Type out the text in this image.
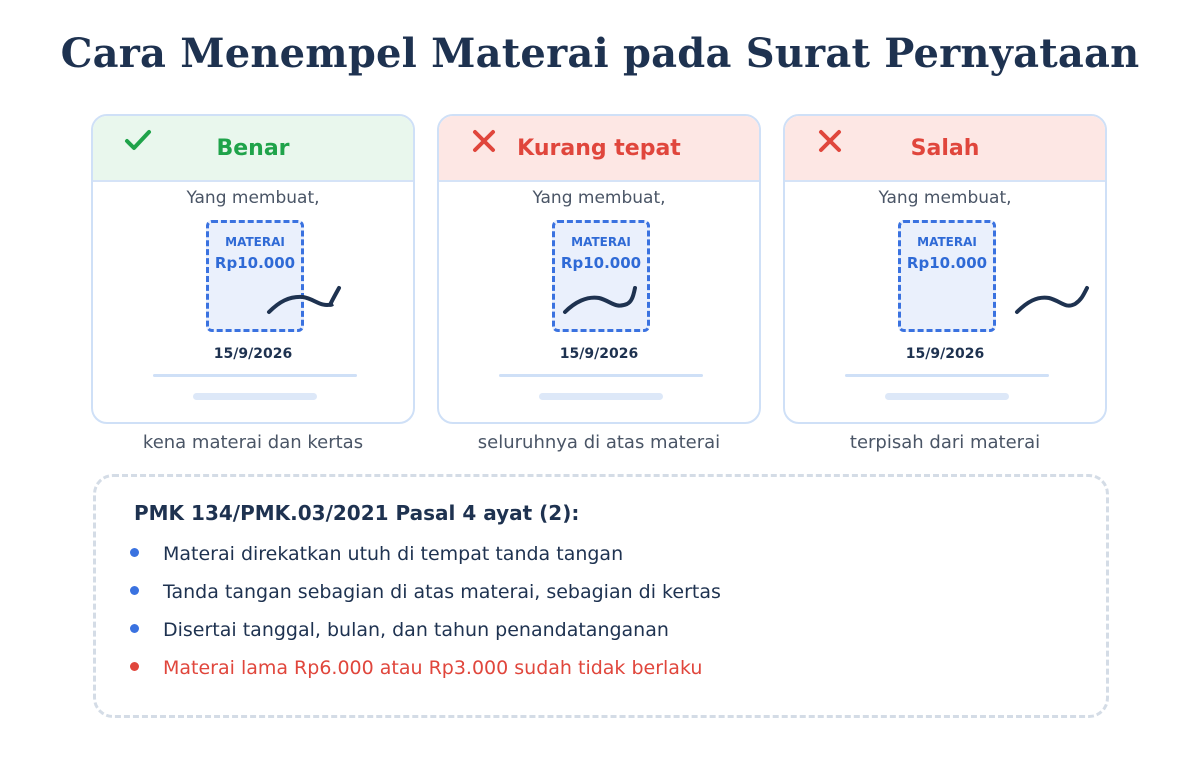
Cara Menempel Materai pada Surat Pernyataan
Benar
Yang membuat,
MATERAI
Rp10.000
15/9/2026
kena materai dan kertas
Kurang tepat
Yang membuat,
MATERAI
Rp10.000
15/9/2026
seluruhnya di atas materai
Salah
Yang membuat,
MATERAI
Rp10.000
15/9/2026
terpisah dari materai
PMK 134/PMK.03/2021 Pasal 4 ayat (2):
Materai direkatkan utuh di tempat tanda tangan
Tanda tangan sebagian di atas materai, sebagian di kertas
Disertai tanggal, bulan, dan tahun penandatanganan
Materai lama Rp6.000 atau Rp3.000 sudah tidak berlaku
